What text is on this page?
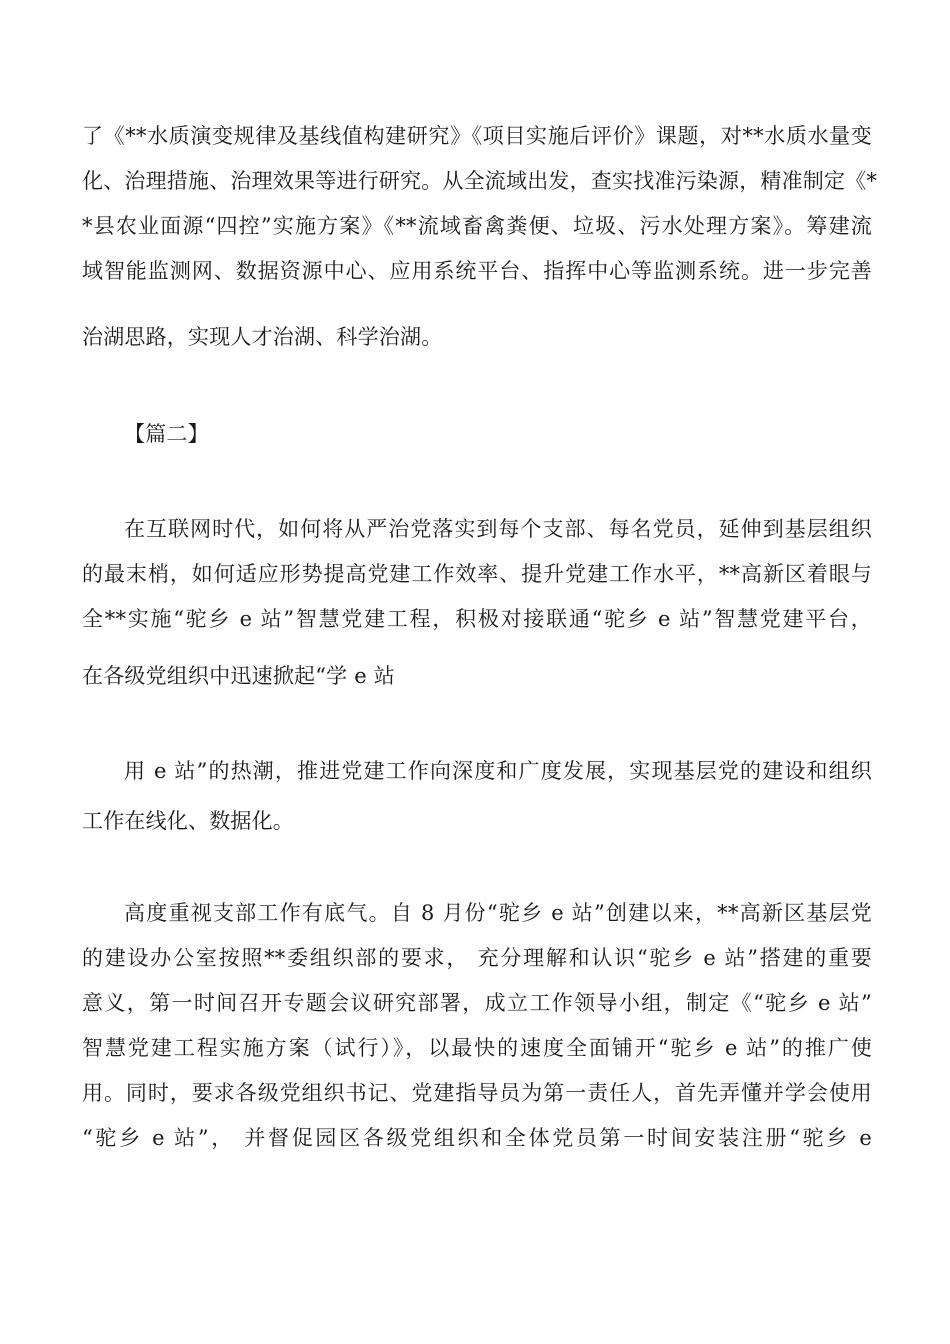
了《**水质演变规律及基线值构建研究》《项目实施后评价》课题，对**水质水量变
化、治理措施、治理效果等进行研究。从全流域出发，查实找准污染源，精准制定《*
*县农业面源“四控”实施方案》《**流域畜禽粪便、垃圾、污水处理方案》。筹建流
域智能监测网、数据资源中心、应用系统平台、指挥中心等监测系统。进一步完善
治湖思路，实现人才治湖、科学治湖。
【篇二】
在互联网时代，如何将从严治党落实到每个支部、每名党员，延伸到基层组织
的最末梢，如何适应形势提高党建工作效率、提升党建工作水平，**高新区着眼与
全**实施“驼乡 e 站”智慧党建工程，积极对接联通“驼乡 e 站”智慧党建平台，
在各级党组织中迅速掀起“学 e 站
用 e 站”的热潮，推进党建工作向深度和广度发展，实现基层党的建设和组织
工作在线化、数据化。
高度重视支部工作有底气。自 8 月份“驼乡 e 站”创建以来，**高新区基层党
的建设办公室按照**委组织部的要求， 充分理解和认识“驼乡 e 站”搭建的重要
意义，第一时间召开专题会议研究部署，成立工作领导小组，制定《“驼乡 e 站”
智慧党建工程实施方案（试行）》，以最快的速度全面铺开“驼乡 e 站”的推广使
用。同时，要求各级党组织书记、党建指导员为第一责任人，首先弄懂并学会使用
“驼乡 e 站”， 并督促园区各级党组织和全体党员第一时间安装注册“驼乡 e
